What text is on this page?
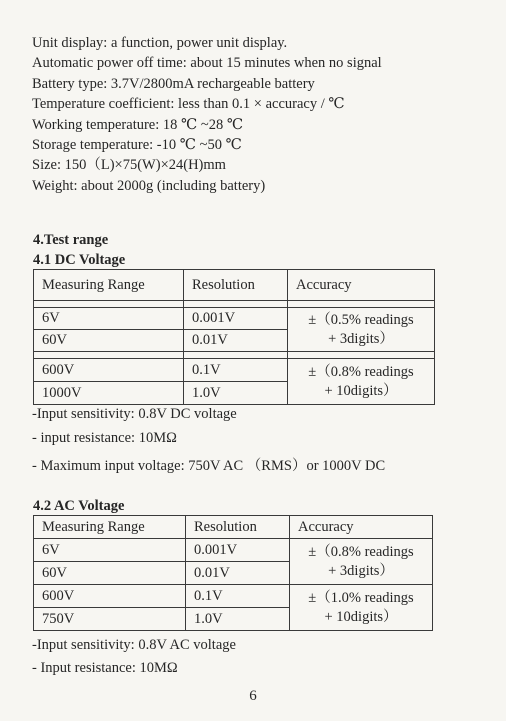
Unit display: a function, power unit display.
Automatic power off time: about 15 minutes when no signal
Battery type: 3.7V/2800mA rechargeable battery
Temperature coefficient: less than 0.1 × accuracy / ℃
Working temperature: 18 ℃ ~28 ℃
Storage temperature: -10 ℃ ~50 ℃
Size: 150（L)×75(W)×24(H)mm
Weight: about 2000g (including battery)
4.Test range
4.1 DC Voltage
Measuring Range	Resolution	Accuracy

6V	0.001V	±（0.5% readings
+ 3digits）

60V	0.01V	

600V	0.1V	±（0.8% readings
+ 10digits）

1000V	1.0V	
-Input sensitivity: 0.8V DC voltage
- input resistance: 10MΩ
- Maximum input voltage: 750V AC （RMS）or 1000V DC
4.2 AC Voltage
Measuring Range	Resolution	Accuracy
6V	0.001V	±（0.8% readings
+ 3digits）

60V	0.01V	
600V	0.1V	±（1.0% readings
+ 10digits）

750V	1.0V	
-Input sensitivity: 0.8V AC voltage
- Input resistance: 10MΩ
6
